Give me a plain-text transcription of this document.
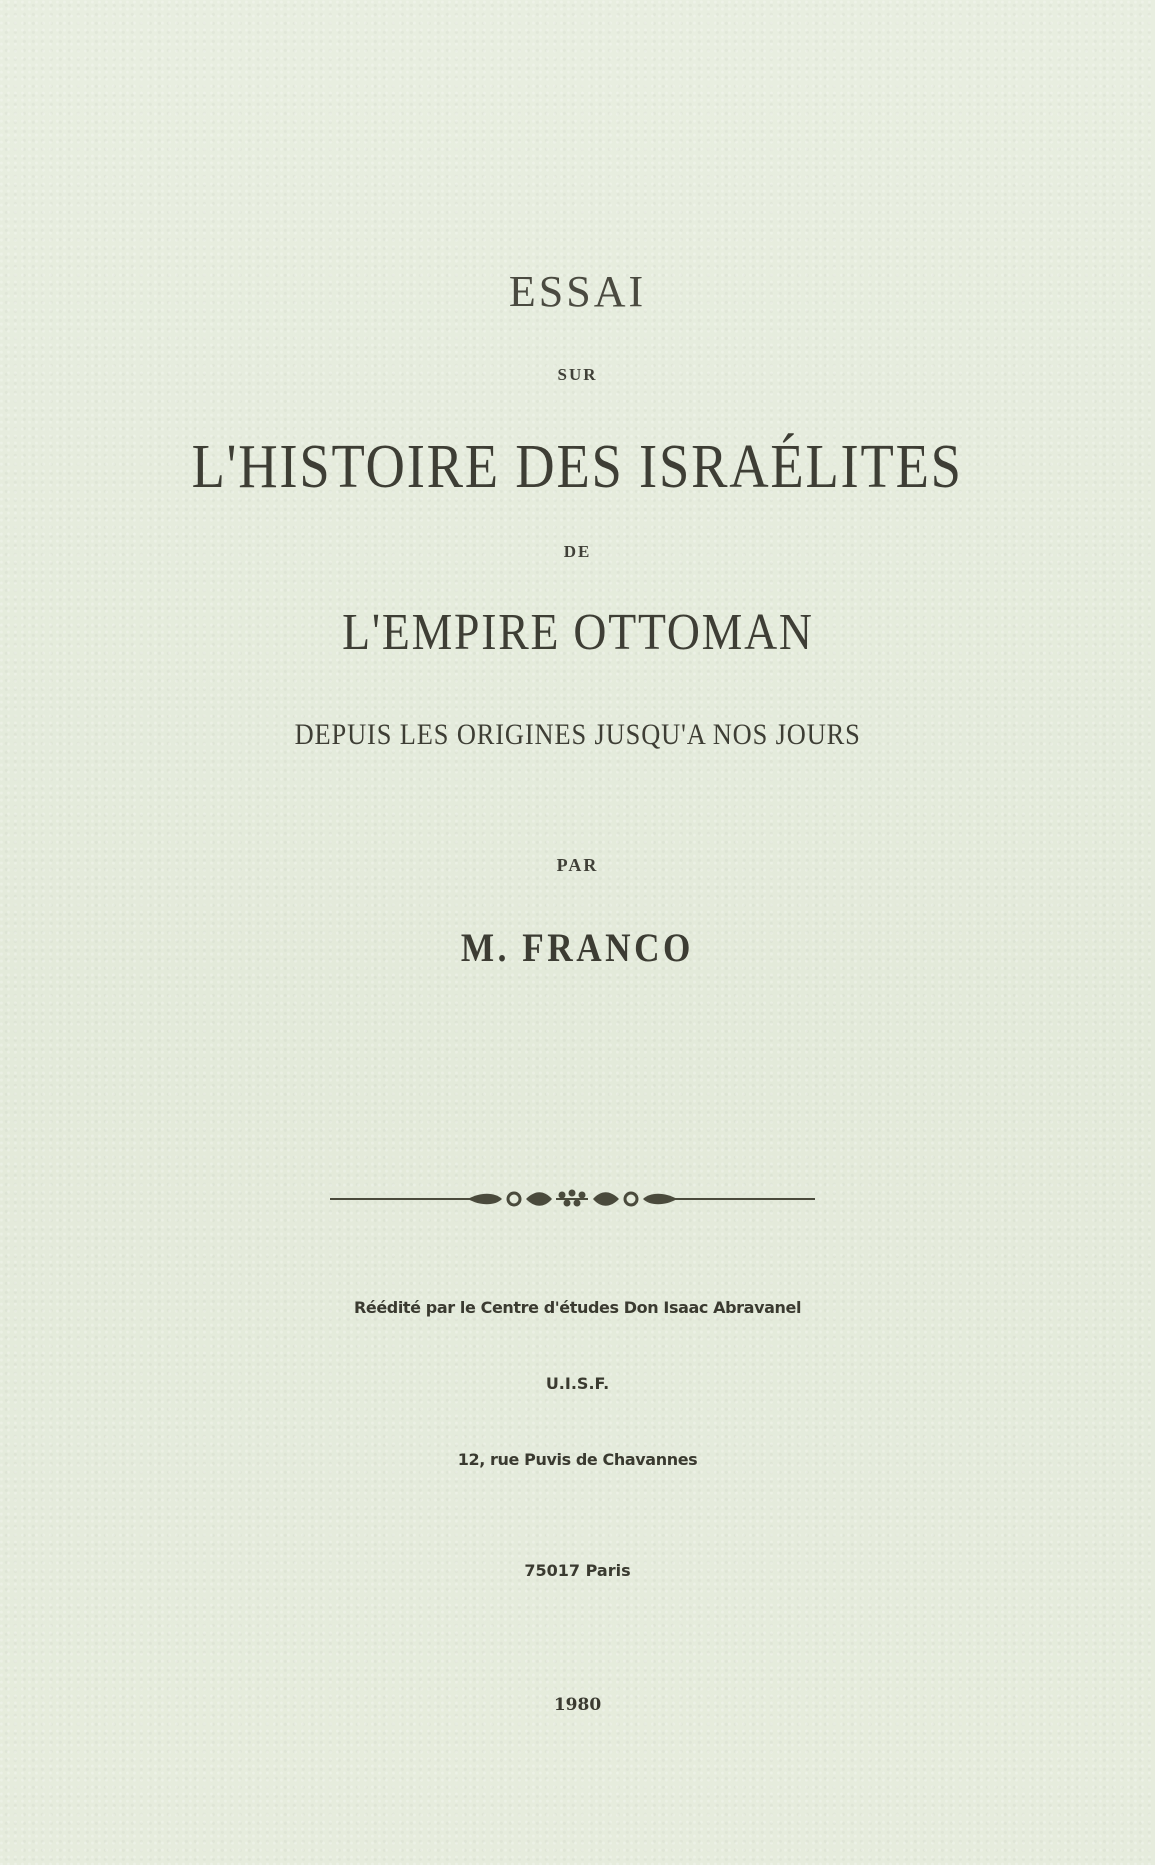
ESSAI
SUR
L'HISTOIRE DES ISRAÉLITES
DE
L'EMPIRE OTTOMAN
DEPUIS LES ORIGINES JUSQU'A NOS JOURS
PAR
M. FRANCO
Réédité par le Centre d'études Don Isaac Abravanel
U.I.S.F.
12, rue Puvis de Chavannes
75017 Paris
1980
